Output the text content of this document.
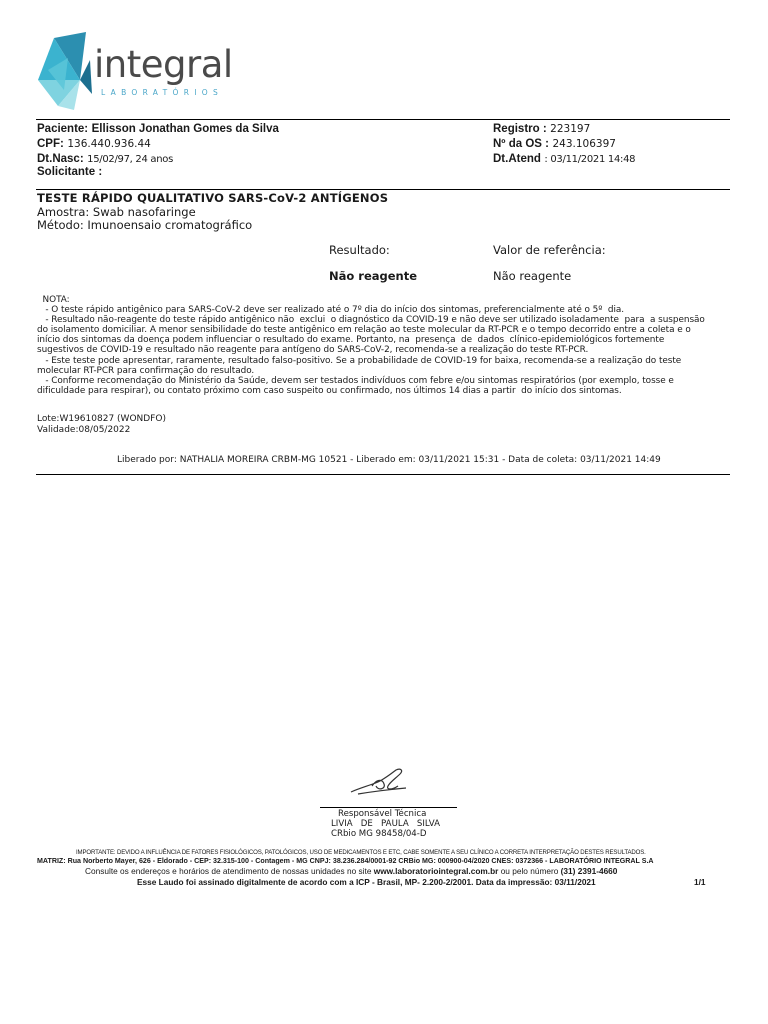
integral
LABORATÓRIOS
Paciente: Ellisson Jonathan Gomes da Silva
CPF: 136.440.936.44
Dt.Nasc: 15/02/97, 24 anos
Solicitante :
Registro : 223197
Nº da OS : 243.106397
Dt.Atend : 03/11/2021 14:48
TESTE RÁPIDO QUALITATIVO SARS-CoV-2 ANTÍGENOS
Amostra: Swab nasofaringe
Método: Imunoensaio cromatográfico
Resultado:	Valor de referência:
Não reagente	Não reagente
NOTA:
- O teste rápido antigênico para SARS-CoV-2 deve ser realizado até o 7º dia do início dos sintomas, preferencialmente até o 5º  dia.
- Resultado não-reagente do teste rápido antigênico não  exclui  o diagnóstico da COVID-19 e não deve ser utilizado isoladamente  para  a suspensão
do isolamento domiciliar. A menor sensibilidade do teste antigênico em relação ao teste molecular da RT-PCR e o tempo decorrido entre a coleta e o
início dos sintomas da doença podem influenciar o resultado do exame. Portanto, na  presença  de  dados  clínico-epidemiológicos fortemente
sugestivos de COVID-19 e resultado não reagente para antígeno do SARS-CoV-2, recomenda-se a realização do teste RT-PCR.
- Este teste pode apresentar, raramente, resultado falso-positivo. Se a probabilidade de COVID-19 for baixa, recomenda-se a realização do teste
molecular RT-PCR para confirmação do resultado.
- Conforme recomendação do Ministério da Saúde, devem ser testados indivíduos com febre e/ou sintomas respiratórios (por exemplo, tosse e
dificuldade para respirar), ou contato próximo com caso suspeito ou confirmado, nos últimos 14 dias a partir  do início dos sintomas.
Lote:W19610827 (WONDFO)
Validade:08/05/2022
Liberado por: NATHALIA MOREIRA CRBM-MG 10521 - Liberado em: 03/11/2021 15:31 - Data de coleta: 03/11/2021 14:49
Responsável Técnica
LIVIA   DE   PAULA   SILVA
CRbio MG 98458/04-D
IMPORTANTE: DEVIDO A INFLUÊNCIA DE FATORES FISIOLÓGICOS, PATOLÓGICOS, USO DE MEDICAMENTOS E ETC, CABE SOMENTE A SEU CLÍNICO A CORRETA INTERPRETAÇÃO DESTES RESULTADOS.
MATRIZ: Rua Norberto Mayer, 626 - Eldorado - CEP: 32.315-100 - Contagem - MG CNPJ: 38.236.284/0001-92 CRBio MG: 000900-04/2020 CNES: 0372366 - LABORATÓRIO INTEGRAL S.A
Consulte os endereços e horários de atendimento de nossas unidades no site www.laboratoriointegral.com.br ou pelo número (31) 2391-4660
Esse Laudo foi assinado digitalmente de acordo com a ICP - Brasil, MP- 2.200-2/2001. Data da impressão: 03/11/2021	1/1
